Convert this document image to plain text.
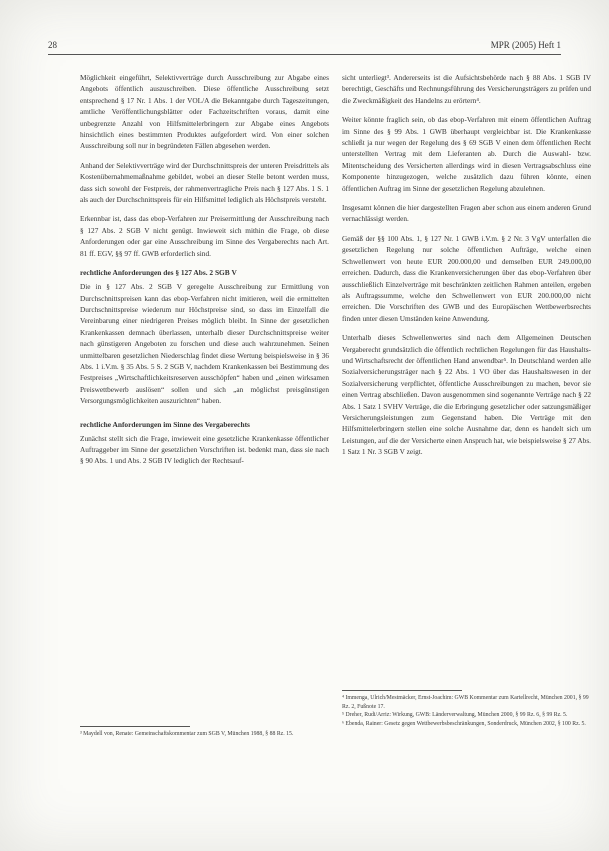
28	MPR (2005) Heft 1

Möglichkeit eingeführt, Selektivverträge durch Ausschreibung zur Abgabe eines Angebots öffentlich auszuschreiben. Diese öffentliche Ausschreibung setzt entsprechend § 17 Nr. 1 Abs. 1 der VOL/A die Bekanntgabe durch Tageszeitungen, amtliche Veröffentlichungsblätter oder Fachzeitschriften voraus, damit eine unbegrenzte Anzahl von Hilfsmittelerbringern zur Abgabe eines Angebots hinsichtlich eines bestimmten Produktes aufgefordert wird. Von einer solchen Ausschreibung soll nur in begründeten Fällen abgesehen werden.

Anhand der Selektivverträge wird der Durchschnittspreis der unteren Preisdrittels als Kostenübernahmemaßnahme gebildet, wobei an dieser Stelle betont werden muss, dass sich sowohl der Festpreis, der rahmenvertragliche Preis nach § 127 Abs. 1 S. 1 als auch der Durchschnittspreis für ein Hilfsmittel lediglich als Höchstpreis versteht.

Erkennbar ist, dass das ebop-Verfahren zur Preisermittlung der Ausschreibung nach § 127 Abs. 2 SGB V nicht genügt. Inwieweit sich mithin die Frage, ob diese Anforderungen oder gar eine Ausschreibung im Sinne des Vergaberechts nach Art. 81 ff. EGV, §§ 97 ff. GWB erforderlich sind.

rechtliche Anforderungen des § 127 Abs. 2 SGB V

Die in § 127 Abs. 2 SGB V geregelte Ausschreibung zur Ermittlung von Durchschnittspreisen kann das ebop-Verfahren nicht imitieren, weil die ermittelten Durchschnittspreise wiederum nur Höchstpreise sind, so dass im Einzelfall die Vereinbarung einer niedrigeren Preises möglich bleibt. In Sinne der gesetzlichen Krankenkassen demnach überlassen, unterhalb dieser Durchschnittspreise weiter nach günstigeren Angeboten zu forschen und diese auch wahrzunehmen. Seinen unmittelbaren gesetzlichen Niederschlag findet diese Wertung beispielsweise in § 36 Abs. 1 i.V.m. § 35 Abs. 5 S. 2 SGB V, nachdem Krankenkassen bei Bestimmung des Festpreises „Wirtschaftlichkeitsreserven ausschöpfen“ haben und „einen wirksamen Preiswettbewerb auslösen“ sollen und sich „an möglichst preisgünstigen Versorgungsmöglichkeiten auszurichten“ haben.

rechtliche Anforderungen im Sinne des Vergaberechts

Zunächst stellt sich die Frage, inwieweit eine gesetzliche Krankenkasse öffentlicher Auftraggeber im Sinne der gesetzlichen Vorschriften ist. bedenkt man, dass sie nach § 90 Abs. 1 und Abs. 2 SGB IV lediglich der Rechtsauf-

sicht unterliegt³. Andererseits ist die Aufsichtsbehörde nach § 88 Abs. 1 SGB IV berechtigt, Geschäfts und Rechnungsführung des Versicherungsträgers zu prüfen und die Zweckmäßigkeit des Handelns zu erörtern⁴.

Weiter könnte fraglich sein, ob das ebop-Verfahren mit einem öffentlichen Auftrag im Sinne des § 99 Abs. 1 GWB überhaupt vergleichbar ist. Die Krankenkasse schließt ja nur wegen der Regelung des § 69 SGB V einen dem öffentlichen Recht unterstellten Vertrag mit dem Lieferanten ab. Durch die Auswahl- bzw. Mitentscheidung des Versicherten allerdings wird in diesen Vertragsabschluss eine Komponente hinzugezogen, welche zusätzlich dazu führen könnte, einen öffentlichen Auftrag im Sinne der gesetzlichen Regelung abzulehnen.

Insgesamt können die hier dargestellten Fragen aber schon aus einem anderen Grund vernachlässigt werden.

Gemäß der §§ 100 Abs. 1, § 127 Nr. 1 GWB i.V.m. § 2 Nr. 3 VgV unterfallen die gesetzlichen Regelung nur solche öffentlichen Aufträge, welche einen Schwellenwert von heute EUR 200.000,00 und demselben EUR 249.000,00 erreichen. Dadurch, dass die Krankenversicherungen über das ebop-Verfahren über ausschließlich Einzelverträge mit beschränkten zeitlichen Rahmen anteilen, ergeben als Auftragssumme, welche den Schwellenwert von EUR 200.000,00 nicht erreichen. Die Vorschriften des GWB und des Europäischen Wettbewerbsrechts finden unter diesen Umständen keine Anwendung.

Unterhalb dieses Schwellenwertes sind nach dem Allgemeinen Deutschen Vergaberecht grundsätzlich die öffentlich rechtlichen Regelungen für das Haushalts- und Wirtschaftsrecht der öffentlichen Hand anwendbar⁵. In Deutschland werden alle Sozialversicherungsträger nach § 22 Abs. 1 VO über das Haushaltswesen in der Sozialversicherung verpflichtet, öffentliche Ausschreibungen zu machen, bevor sie einen Vertrag abschließen. Davon ausgenommen sind sogenannte Verträge nach § 22 Abs. 1 Satz 1 SVHV Verträge, die die Erbringung gesetzlicher oder satzungsmäßiger Versicherungsleistungen zum Gegenstand haben. Die Verträge mit den Hilfsmittelerbringern stellen eine solche Ausnahme dar, denn es handelt sich um Leistungen, auf die der Versicherte einen Anspruch hat, wie beispielsweise § 27 Abs. 1 Satz 1 Nr. 3 SGB V zeigt.

³ Maydell von, Renate: Gemeinschaftskommentar zum SGB V, München 1988, § 88 Rz. 15.

⁴ Immenga, Ulrich/Mestmäcker, Ernst-Joachim: GWB Kommentar zum Kartellrecht, München 2001, § 99 Rz. 2, Fußnote 17.

⁵ Dreher, Rudi/Arriz: Wirkung, GWB: Länderverwaltung, München 2000, § 99 Rz. 6, § 99 Rz. 5.

⁶ Ebenda, Rainer: Gesetz gegen Wettbewerbsbeschränkungen, Sonderdruck, München 2002, § 100 Rz. 5.
